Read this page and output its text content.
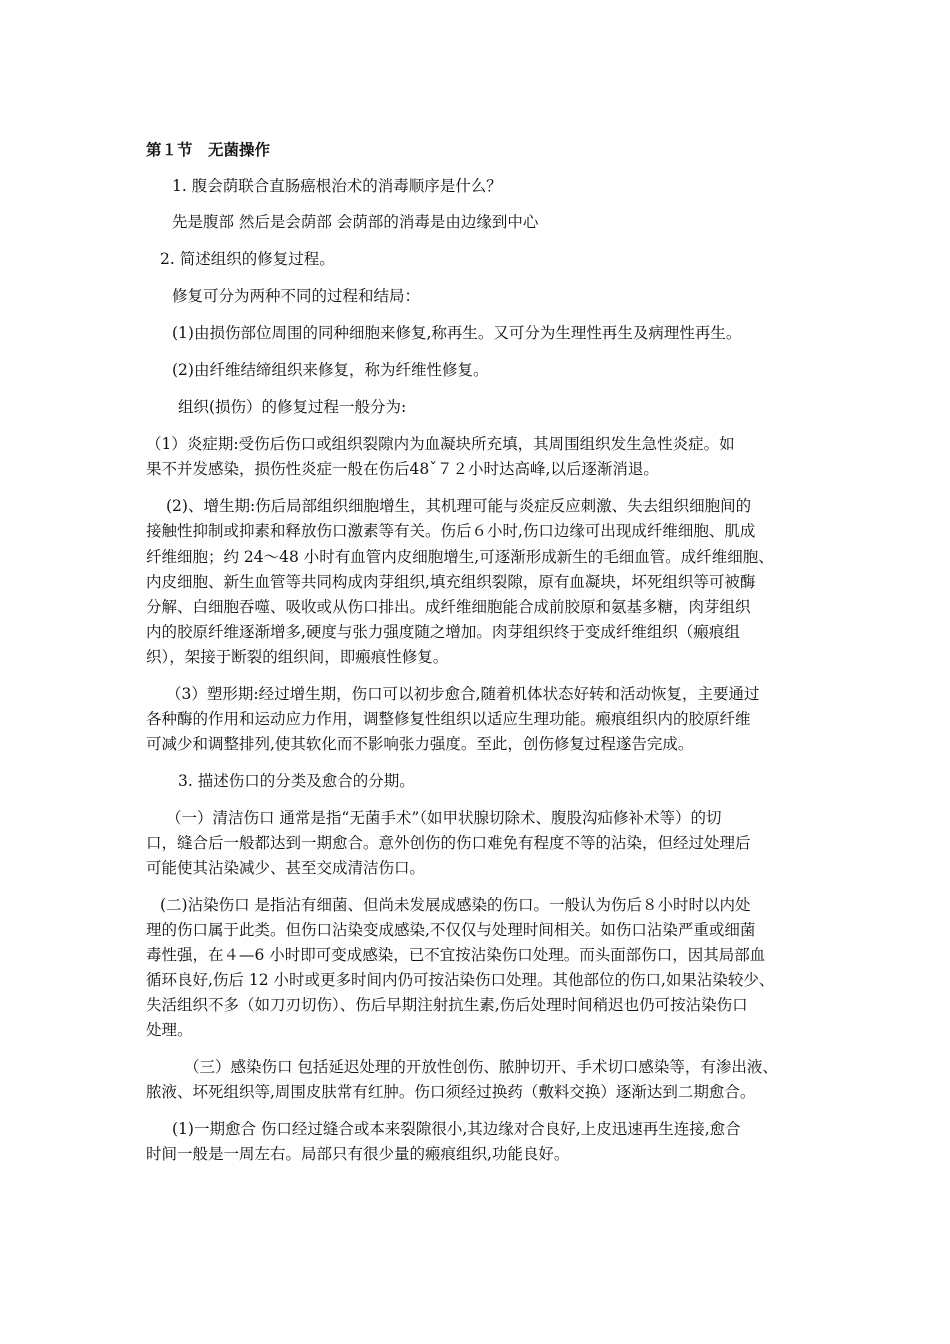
第１节　无菌操作
1. 腹会荫联合直肠癌根治术的消毒顺序是什么？
先是腹部 然后是会荫部 会荫部的消毒是由边缘到中心
2. 简述组织的修复过程。
修复可分为两种不同的过程和结局：
(1)由损伤部位周围的同种细胞来修复,称再生。又可分为生理性再生及病理性再生。
(2)由纤维结缔组织来修复，称为纤维性修复。
组织(损伤）的修复过程一般分为:
（1）炎症期:受伤后伤口或组织裂隙内为血凝块所充填，其周围组织发生急性炎症。如
果不并发感染，损伤性炎症一般在伤后48ˇ７２小时达高峰,以后逐渐消退。
(2)、增生期:伤后局部组织细胞增生，其机理可能与炎症反应刺激、失去组织细胞间的
接触性抑制或抑素和释放伤口激素等有关。伤后６小时,伤口边缘可出现成纤维细胞、肌成
纤维细胞；约 24～48 小时有血管内皮细胞增生,可逐渐形成新生的毛细血管。成纤维细胞、
内皮细胞、新生血管等共同构成肉芽组织,填充组织裂隙，原有血凝块，坏死组织等可被酶
分解、白细胞吞噬、吸收或从伤口排出。成纤维细胞能合成前胶原和氨基多糖，肉芽组织
内的胶原纤维逐渐增多,硬度与张力强度随之增加。肉芽组织终于变成纤维组织（瘢痕组
织），架接于断裂的组织间，即瘢痕性修复。
（3）塑形期:经过增生期，伤口可以初步愈合,随着机体状态好转和活动恢复，主要通过
各种酶的作用和运动应力作用，调整修复性组织以适应生理功能。瘢痕组织内的胶原纤维
可减少和调整排列,使其软化而不影响张力强度。至此，创伤修复过程遂告完成。
3. 描述伤口的分类及愈合的分期。
（一）清洁伤口 通常是指“无菌手术”（如甲状腺切除术、腹股沟疝修补术等）的切
口，缝合后一般都达到一期愈合。意外创伤的伤口难免有程度不等的沾染，但经过处理后
可能使其沾染减少、甚至交成清洁伤口。
(二)沾染伤口 是指沾有细菌、但尚未发展成感染的伤口。一般认为伤后８小时时以内处
理的伤口属于此类。但伤口沾染变成感染,不仅仅与处理时间相关。如伤口沾染严重或细菌
毒性强，在４—6 小时即可变成感染，已不宜按沾染伤口处理。而头面部伤口，因其局部血
循环良好,伤后 12 小时或更多时间内仍可按沾染伤口处理。其他部位的伤口,如果沾染较少、
失活组织不多（如刀刃切伤）、伤后早期注射抗生素,伤后处理时间稍迟也仍可按沾染伤口
处理。
（三）感染伤口 包括延迟处理的开放性创伤、脓肿切开、手术切口感染等，有渗出液、
脓液、坏死组织等,周围皮肤常有红肿。伤口须经过换药（敷料交换）逐渐达到二期愈合。
(1)一期愈合 伤口经过缝合或本来裂隙很小,其边缘对合良好,上皮迅速再生连接,愈合
时间一般是一周左右。局部只有很少量的瘢痕组织,功能良好。
